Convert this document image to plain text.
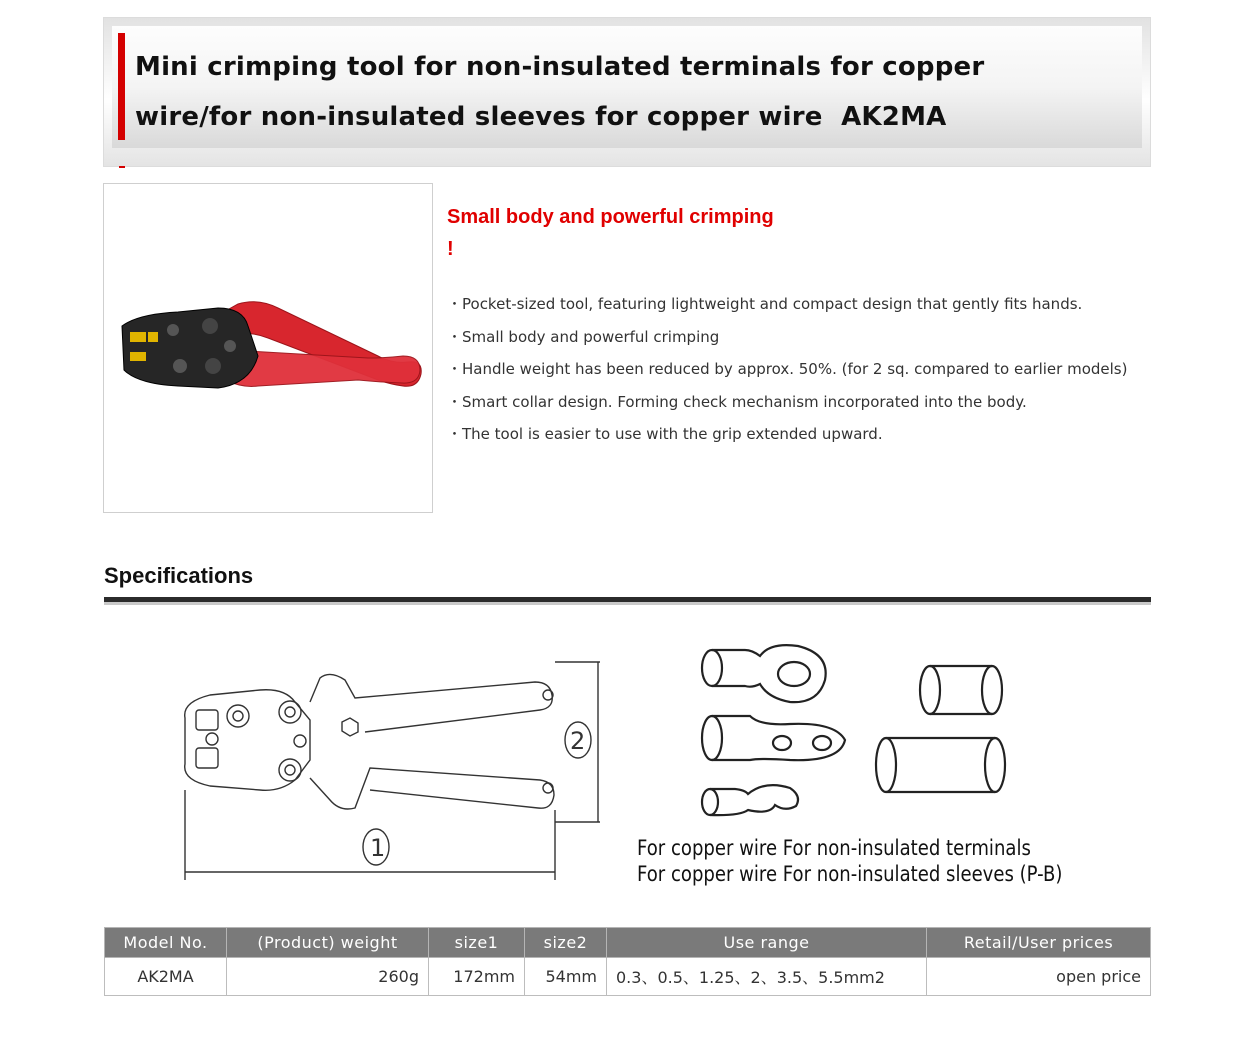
Mini crimping tool for non-insulated terminals for copper wire/for non-insulated sleeves for copper wire  AK2MA
Small body and powerful crimping
!
・Pocket-sized tool, featuring lightweight and compact design that gently fits hands.
・Small body and powerful crimping
・Handle weight has been reduced by approx. 50%. (for 2 sq. compared to earlier models)
・Smart collar design. Forming check mechanism incorporated into the body.
・The tool is easier to use with the grip extended upward.
Specifications
1
2
For copper wire For non-insulated terminals
For copper wire For non-insulated sleeves (P-B)
Model No.	(Product) weight	size1	size2	Use range	Retail/User prices
AK2MA	260g	172mm	54mm	0.3、0.5、1.25、2、3.5、5.5mm2	open price
